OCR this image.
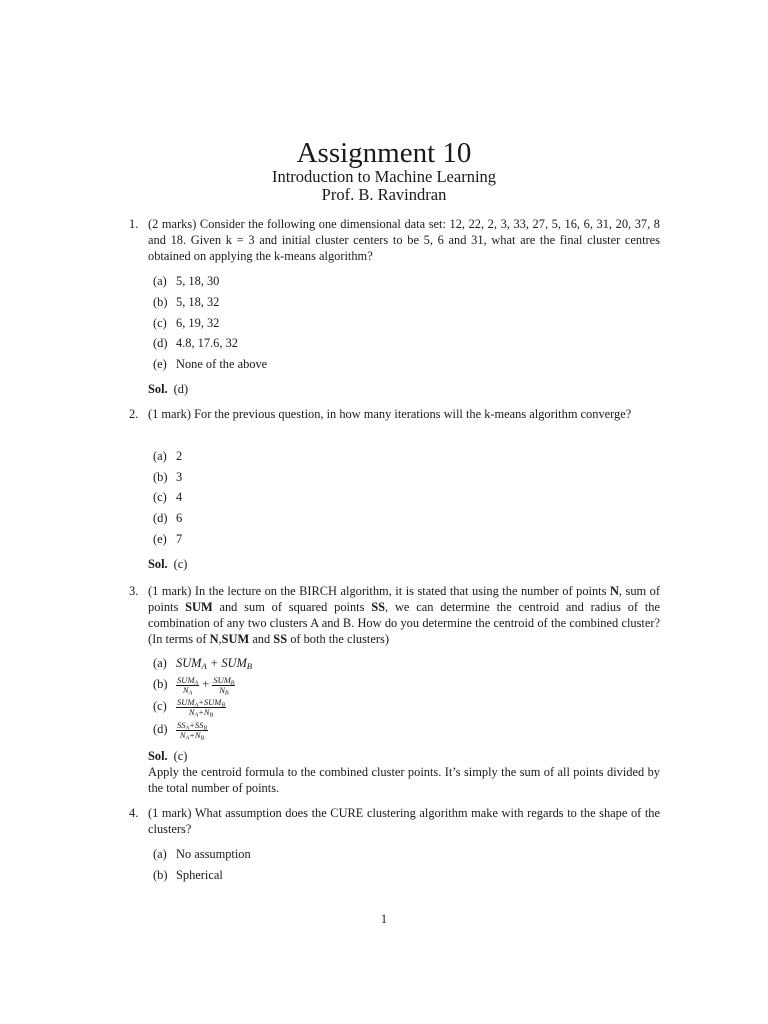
Assignment 10
Introduction to Machine Learning
Prof. B. Ravindran
1. (2 marks) Consider the following one dimensional data set: 12, 22, 2, 3, 33, 27, 5, 16, 6, 31, 20, 37, 8 and 18. Given k = 3 and initial cluster centers to be 5, 6 and 31, what are the final cluster centres obtained on applying the k-means algorithm?
(a) 5, 18, 30
(b) 5, 18, 32
(c) 6, 19, 32
(d) 4.8, 17.6, 32
(e) None of the above
Sol. (d)
2. (1 mark) For the previous question, in how many iterations will the k-means algorithm converge?
(a) 2
(b) 3
(c) 4
(d) 6
(e) 7
Sol. (c)
3. (1 mark) In the lecture on the BIRCH algorithm, it is stated that using the number of points N, sum of points SUM and sum of squared points SS, we can determine the centroid and radius of the combination of any two clusters A and B. How do you determine the centroid of the combined cluster? (In terms of N,SUM and SS of both the clusters)
(a) $SUM_A + SUM_B$
$(b) \frac{SUM_A}{N_A} + \frac{SUM_B}{N_B}$
$(c) \frac{SUM_A+SUM_B}{N_A+N_B}$
$(d) \frac{SS_A+SS_B}{N_A+N_B}$
Sol. (c)
Apply the centroid formula to the combined cluster points. It’s simply the sum of all points divided by the total number of points.
4. (1 mark) What assumption does the CURE clustering algorithm make with regards to the shape of the clusters?
(a) No assumption
(b) Spherical
1
